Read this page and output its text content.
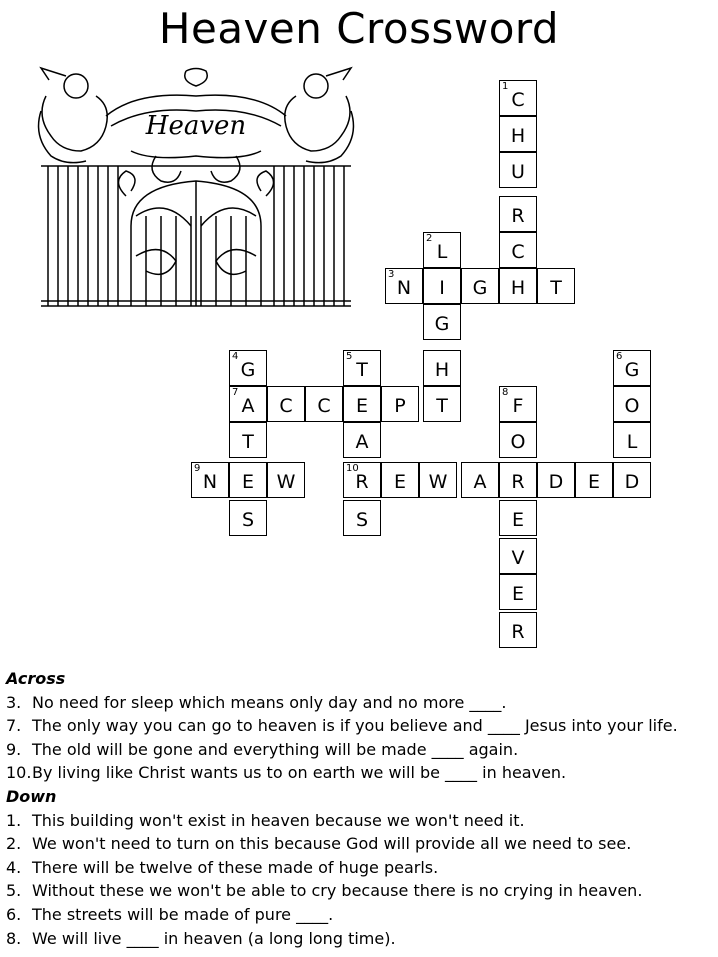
Heaven Crossword
Heaven
1
C
H
U
R
C
H
2
L
3
N	I	G	T
G
H
T
4
G
5
T
6
G
7
A	C	C	E	P
8
F	O
T	A	O	L
9
N	E	W
10
R	E	W	A	R	D	E	D
S	S	E
V
E
R
Across
3. No need for sleep which means only day and no more ____.
7. The only way you can go to heaven is if you believe and ____ Jesus into your life.
9. The old will be gone and everything will be made ____ again.
10.By living like Christ wants us to on earth we will be ____ in heaven.
Down
1. This building won't exist in heaven because we won't need it.
2. We won't need to turn on this because God will provide all we need to see.
4. There will be twelve of these made of huge pearls.
5. Without these we won't be able to cry because there is no crying in heaven.
6. The streets will be made of pure ____.
8. We will live ____ in heaven (a long long time).
